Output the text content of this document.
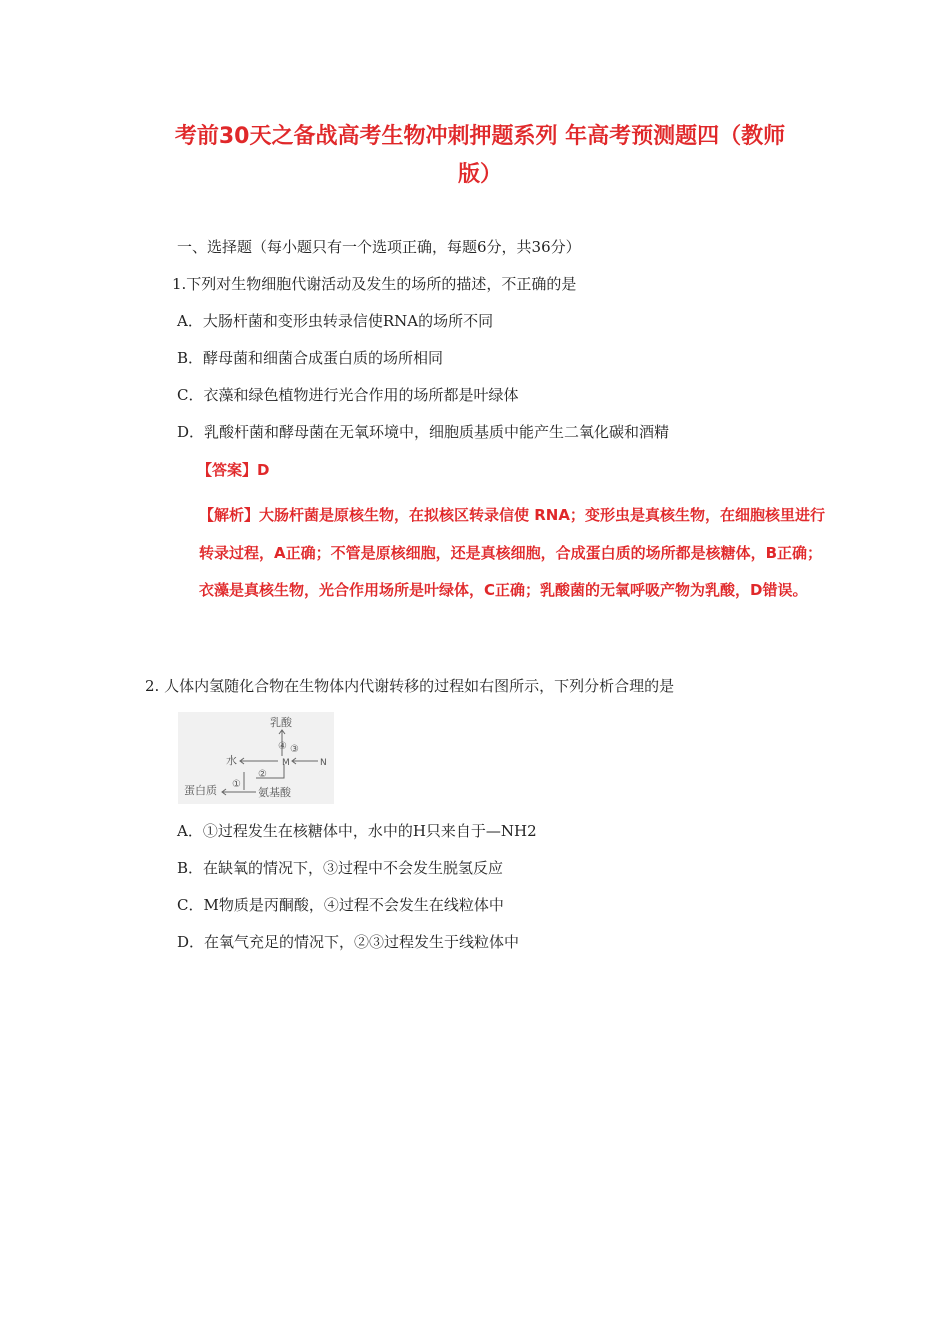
考前30天之备战高考生物冲刺押题系列 年高考预测题四（教师
版）
一、选择题（每小题只有一个选项正确，每题6分，共36分）
1.下列对生物细胞代谢活动及发生的场所的描述，不正确的是
A．大肠杆菌和变形虫转录信使RNA的场所不同
B．酵母菌和细菌合成蛋白质的场所相同
C．衣藻和绿色植物进行光合作用的场所都是叶绿体
D．乳酸杆菌和酵母菌在无氧环境中，细胞质基质中能产生二氧化碳和酒精
【答案】D
【解析】大肠杆菌是原核生物，在拟核区转录信使 RNA；变形虫是真核生物，在细胞核里进行转录过程，A正确；不管是原核细胞，还是真核细胞，合成蛋白质的场所都是核糖体，B正确；衣藻是真核生物，光合作用场所是叶绿体，C正确；乳酸菌的无氧呼吸产物为乳酸，D错误。
2. 人体内氢随化合物在生物体内代谢转移的过程如右图所示，下列分析合理的是
乳酸
④ ③
水	M	N
②
①
蛋白质	氨基酸
A．①过程发生在核糖体中，水中的H只来自于—NH2
B．在缺氧的情况下，③过程中不会发生脱氢反应
C．M物质是丙酮酸，④过程不会发生在线粒体中
D．在氧气充足的情况下，②③过程发生于线粒体中
